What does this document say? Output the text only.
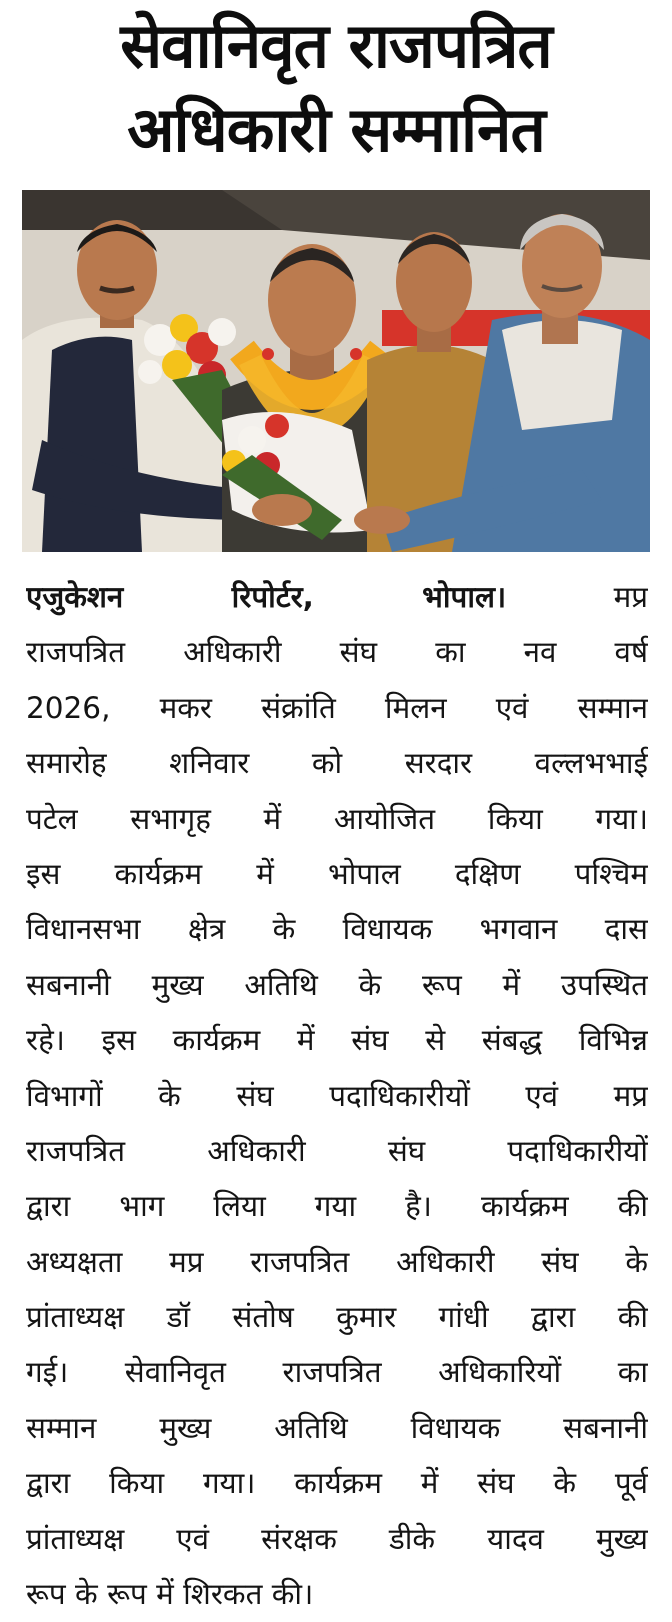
सेवानिवृत राजपत्रित
अधिकारी सम्मानित
एजुकेशन रिपोर्टर, भोपाल। मप्र
राजपत्रित अधिकारी संघ का नव वर्ष
2026, मकर संक्रांति मिलन एवं सम्मान
समारोह शनिवार को सरदार वल्लभभाई
पटेल सभागृह में आयोजित किया गया।
इस कार्यक्रम में भोपाल दक्षिण पश्चिम
विधानसभा क्षेत्र के विधायक भगवान दास
सबनानी मुख्य अतिथि के रूप में उपस्थित
रहे। इस कार्यक्रम में संघ से संबद्ध विभिन्न
विभागों के संघ पदाधिकारीयों एवं मप्र
राजपत्रित अधिकारी संघ पदाधिकारीयों
द्वारा भाग लिया गया है। कार्यक्रम की
अध्यक्षता मप्र राजपत्रित अधिकारी संघ के
प्रांताध्यक्ष डॉ संतोष कुमार गांधी द्वारा की
गई। सेवानिवृत राजपत्रित अधिकारियों का
सम्मान मुख्य अतिथि विधायक सबनानी
द्वारा किया गया। कार्यक्रम में संघ के पूर्व
प्रांताध्यक्ष एवं संरक्षक डीके यादव मुख्य
रूप के रूप में शिरकत की।
